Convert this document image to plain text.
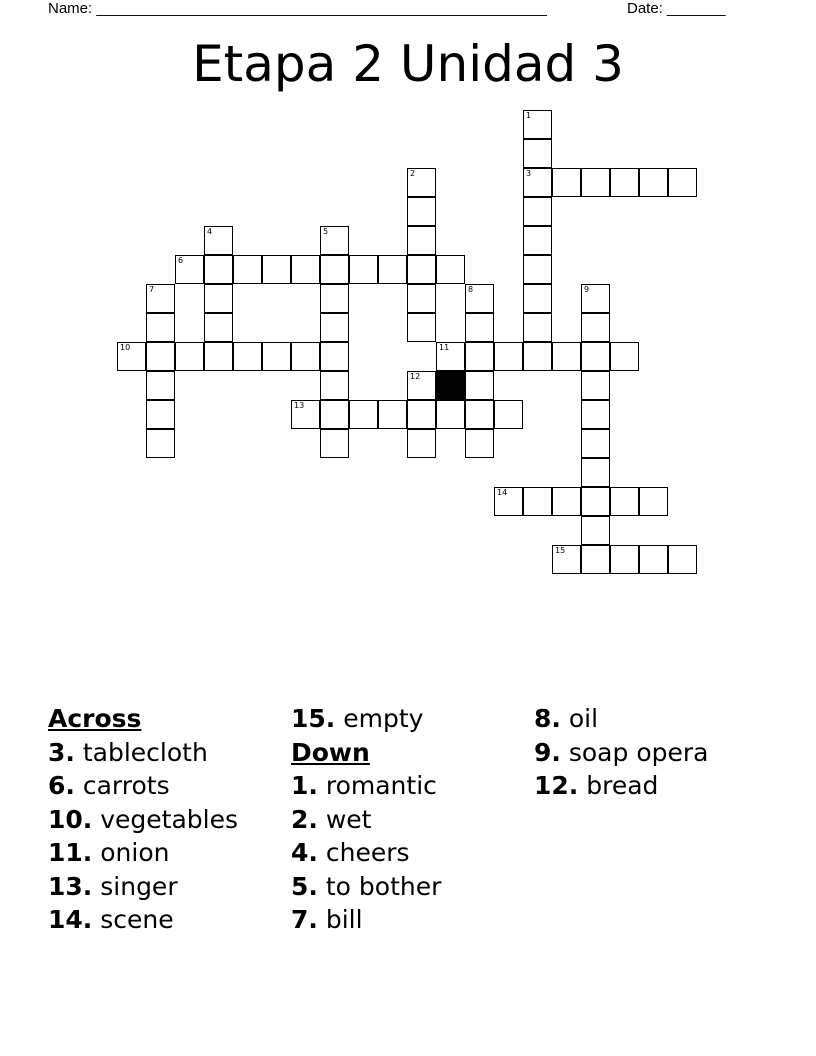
Name: ______________________________________________________	Date: _______
Etapa 2 Unidad 3
1
3
2
4	5
6
7	8	9
10	11
12
13
14
15
Across
3. tablecloth
6. carrots
10. vegetables
11. onion
13. singer
14. scene
15. empty
Down
1. romantic
2. wet
4. cheers
5. to bother
7. bill
8. oil
9. soap opera
12. bread
